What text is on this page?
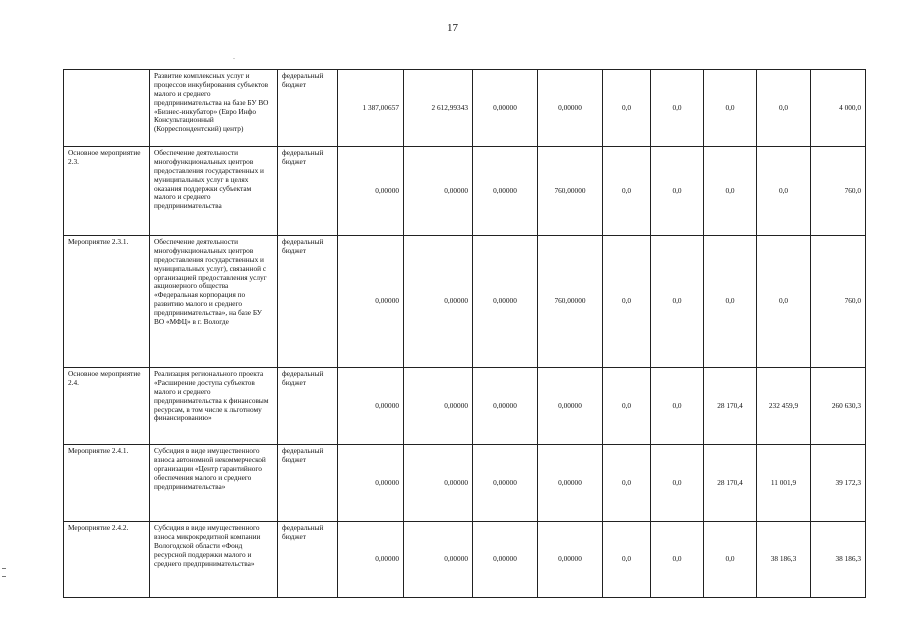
17
.
	Развитие комплексных услуг и процессов инкубирования субъектов малого и среднего предпринимательства на базе БУ ВО «Бизнес-инкубатор» (Евро Инфо Консультационный (Корреспондентский) центр)	федеральный бюджет	1 387,00657	2 612,99343	0,00000	0,00000	0,0	0,0	0,0	0,0	4 000,0
Основное мероприятие 2.3.	Обеспечение деятельности многофункциональных центров предоставления государственных и муниципальных услуг в целях оказания поддержки субъектам малого и среднего предпринимательства	федеральный бюджет	0,00000	0,00000	0,00000	760,00000	0,0	0,0	0,0	0,0	760,0
Мероприятие 2.3.1.	Обеспечение деятельности многофункциональных центров предоставления государственных и муниципальных услуг), связанной с организацией предоставления услуг акционерного общества «Федеральная корпорация по развитию малого и среднего предпринимательства», на базе БУ ВО «МФЦ» в г. Вологде	федеральный бюджет	0,00000	0,00000	0,00000	760,00000	0,0	0,0	0,0	0,0	760,0
Основное мероприятие 2.4.	Реализация регионального проекта «Расширение доступа субъектов малого и среднего предпринимательства к финансовым ресурсам, в том числе к льготному финансированию»	федеральный бюджет	0,00000	0,00000	0,00000	0,00000	0,0	0,0	28 170,4	232 459,9	260 630,3
Мероприятие 2.4.1.	Субсидия в виде имущественного взноса автономной некоммерческой организации «Центр гарантийного обеспечения малого и среднего предпринимательства»	федеральный бюджет	0,00000	0,00000	0,00000	0,00000	0,0	0,0	28 170,4	11 001,9	39 172,3
Мероприятие 2.4.2.	Субсидия в виде имущественного взноса микрокредитной компании Вологодской области «Фонд ресурсной поддержки малого и среднего предпринимательства»	федеральный бюджет	0,00000	0,00000	0,00000	0,00000	0,0	0,0	0,0	38 186,3	38 186,3
